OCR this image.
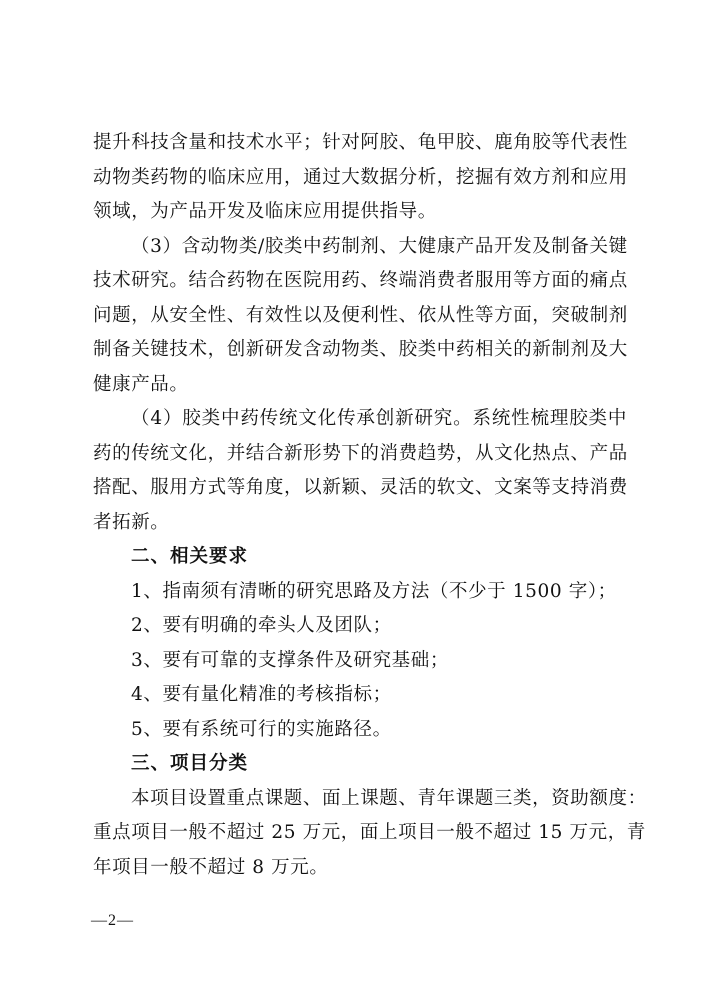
提升科技含量和技术水平；针对阿胶、龟甲胶、鹿角胶等代表性
动物类药物的临床应用，通过大数据分析，挖掘有效方剂和应用
领域，为产品开发及临床应用提供指导。
（3）含动物类/胶类中药制剂、大健康产品开发及制备关键
技术研究。结合药物在医院用药、终端消费者服用等方面的痛点
问题，从安全性、有效性以及便利性、依从性等方面，突破制剂
制备关键技术，创新研发含动物类、胶类中药相关的新制剂及大
健康产品。
（4）胶类中药传统文化传承创新研究。系统性梳理胶类中
药的传统文化，并结合新形势下的消费趋势，从文化热点、产品
搭配、服用方式等角度，以新颖、灵活的软文、文案等支持消费
者拓新。
二、相关要求
1、指南须有清晰的研究思路及方法（不少于 1500 字）；
2、要有明确的牵头人及团队；
3、要有可靠的支撑条件及研究基础；
4、要有量化精准的考核指标；
5、要有系统可行的实施路径。
三、项目分类
本项目设置重点课题、面上课题、青年课题三类，资助额度：
重点项目一般不超过 25 万元，面上项目一般不超过 15 万元，青
年项目一般不超过 8 万元。
—2—
